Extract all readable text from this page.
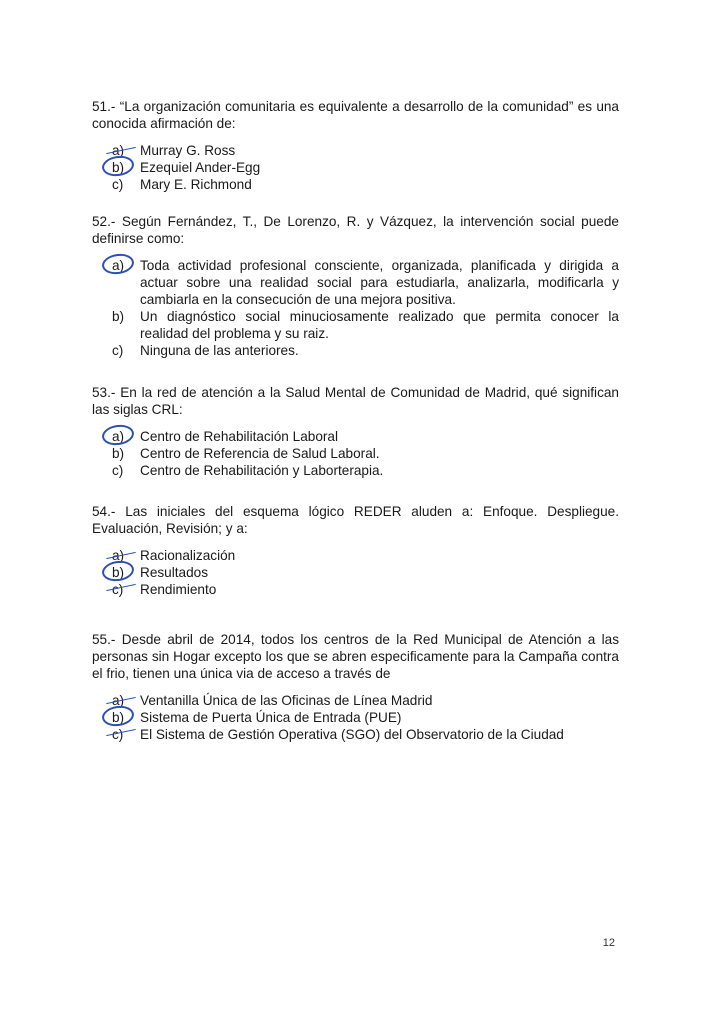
51.- “La organización comunitaria es equivalente a desarrollo de la comunidad” es una conocida afirmación de:

a)	Murray G. Ross
b)	Ezequiel Ander-Egg
c)	Mary E. Richmond

52.- Según Fernández, T., De Lorenzo, R. y Vázquez, la intervención social puede definirse como:

a)	Toda actividad profesional consciente, organizada, planificada y dirigida a actuar sobre una realidad social para estudiarla, analizarla, modificarla y cambiarla en la consecución de una mejora positiva.
b)	Un diagnóstico social minuciosamente realizado que permita conocer la realidad del problema y su raiz.
c)	Ninguna de las anteriores.

53.- En la red de atención a la Salud Mental de Comunidad de Madrid, qué significan las siglas CRL:

a)	Centro de Rehabilitación Laboral
b)	Centro de Referencia de Salud Laboral.
c)	Centro de Rehabilitación y Laborterapia.

54.- Las iniciales del esquema lógico REDER aluden a: Enfoque. Despliegue. Evaluación, Revisión; y a:

a)	Racionalización
b)	Resultados
c)	Rendimiento

55.- Desde abril de 2014, todos los centros de la Red Municipal de Atención a las personas sin Hogar excepto los que se abren especificamente para la Campaña contra el frio, tienen una única via de acceso a través de

a)	Ventanilla Única de las Oficinas de Línea Madrid
b)	Sistema de Puerta Única de Entrada (PUE)
c)	El Sistema de Gestión Operativa (SGO) del Observatorio de la Ciudad
12
